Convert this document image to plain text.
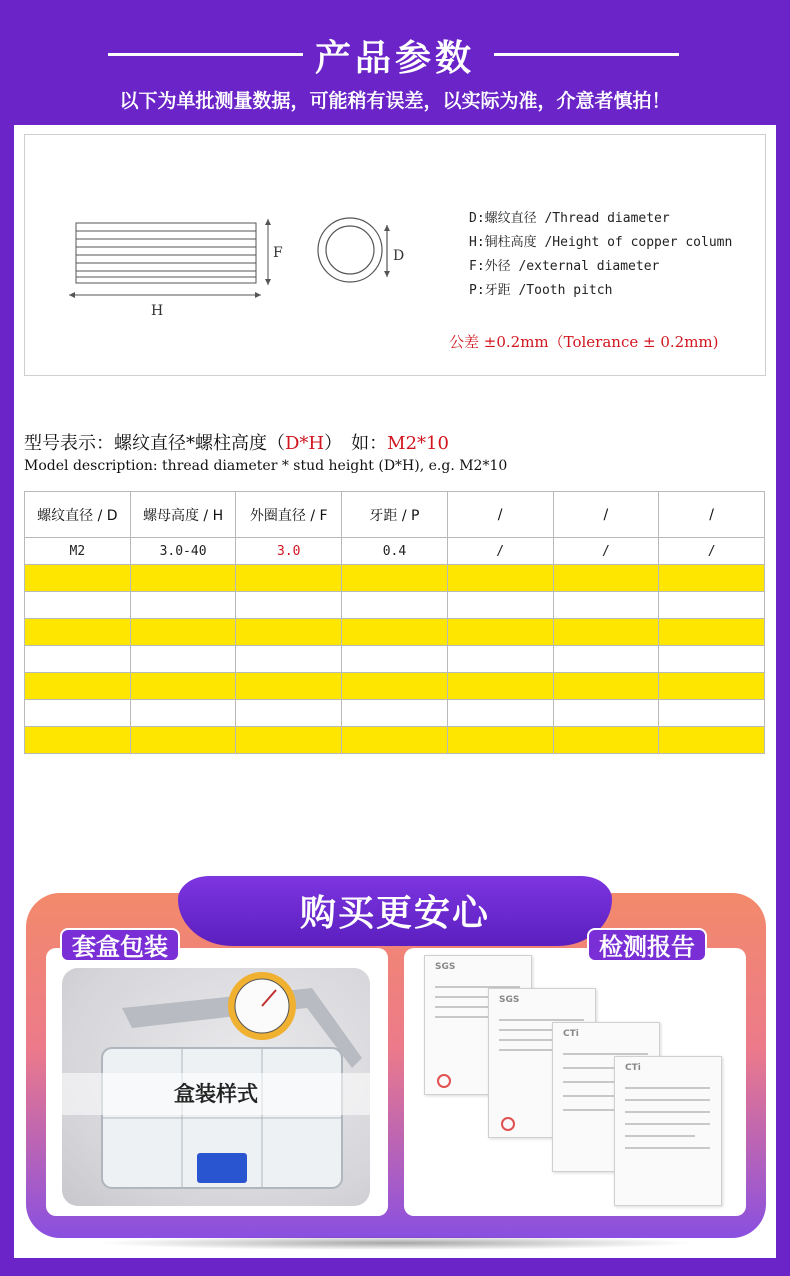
产品参数
以下为单批测量数据，可能稍有误差，以实际为准，介意者慎拍！
F
H
D
D:螺纹直径 /Thread diameter
H:铜柱高度 /Height of copper column
F:外径 /external diameter
P:牙距 /Tooth pitch
公差 ±0.2mm（Tolerance ± 0.2mm)
型号表示：螺纹直径*螺柱高度（D*H）　如：M2*10
Model description: thread diameter * stud height (D*H), e.g. M2*10
螺纹直径 / D	螺母高度 / H	外圈直径 / F	牙距 / P	/	/	/
M2	3.0-40	3.0	0.4	/	/	/

购买更安心
盒装样式
SGS
SGS
CTi
CTi
套盒包装	检测报告
